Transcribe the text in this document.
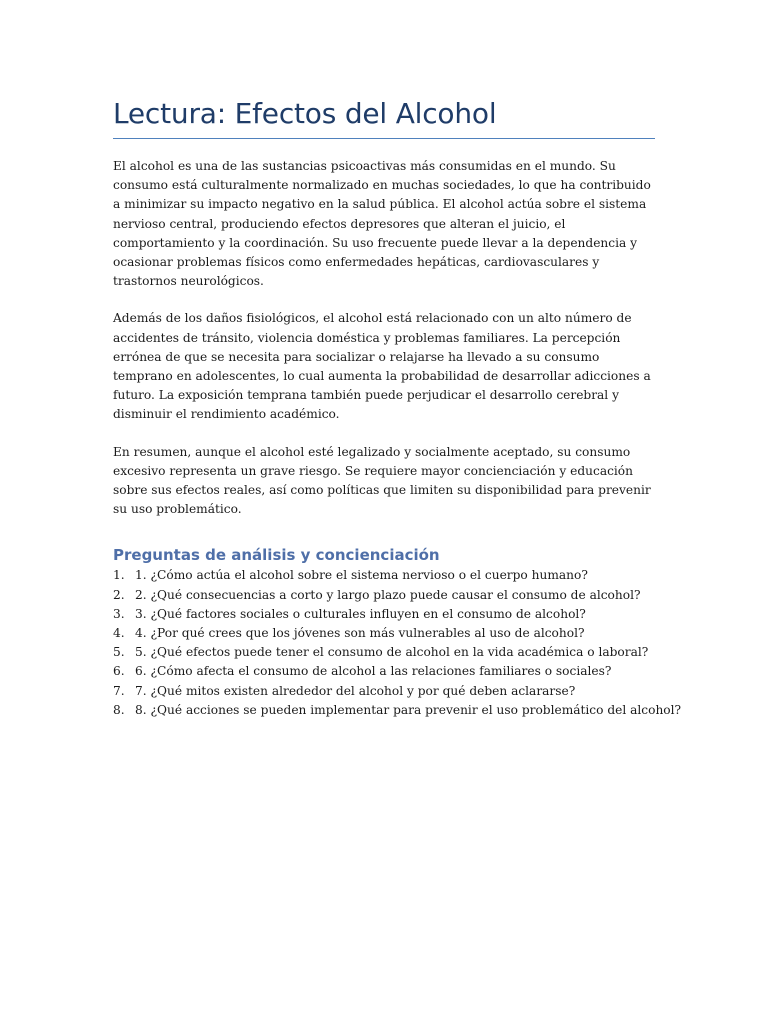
Lectura: Efectos del Alcohol

El alcohol es una de las sustancias psicoactivas más consumidas en el mundo. Su consumo está culturalmente normalizado en muchas sociedades, lo que ha contribuido a minimizar su impacto negativo en la salud pública. El alcohol actúa sobre el sistema nervioso central, produciendo efectos depresores que alteran el juicio, el comportamiento y la coordinación. Su uso frecuente puede llevar a la dependencia y ocasionar problemas físicos como enfermedades hepáticas, cardiovasculares y trastornos neurológicos.

Además de los daños fisiológicos, el alcohol está relacionado con un alto número de accidentes de tránsito, violencia doméstica y problemas familiares. La percepción errónea de que se necesita para socializar o relajarse ha llevado a su consumo temprano en adolescentes, lo cual aumenta la probabilidad de desarrollar adicciones a futuro. La exposición temprana también puede perjudicar el desarrollo cerebral y disminuir el rendimiento académico.

En resumen, aunque el alcohol esté legalizado y socialmente aceptado, su consumo excesivo representa un grave riesgo. Se requiere mayor concienciación y educación sobre sus efectos reales, así como políticas que limiten su disponibilidad para prevenir su uso problemático.

Preguntas de análisis y concienciación
1. 1. ¿Cómo actúa el alcohol sobre el sistema nervioso o el cuerpo humano?
2. 2. ¿Qué consecuencias a corto y largo plazo puede causar el consumo de alcohol?
3. 3. ¿Qué factores sociales o culturales influyen en el consumo de alcohol?
4. 4. ¿Por qué crees que los jóvenes son más vulnerables al uso de alcohol?
5. 5. ¿Qué efectos puede tener el consumo de alcohol en la vida académica o laboral?
6. 6. ¿Cómo afecta el consumo de alcohol a las relaciones familiares o sociales?
7. 7. ¿Qué mitos existen alrededor del alcohol y por qué deben aclararse?
8. 8. ¿Qué acciones se pueden implementar para prevenir el uso problemático del alcohol?
